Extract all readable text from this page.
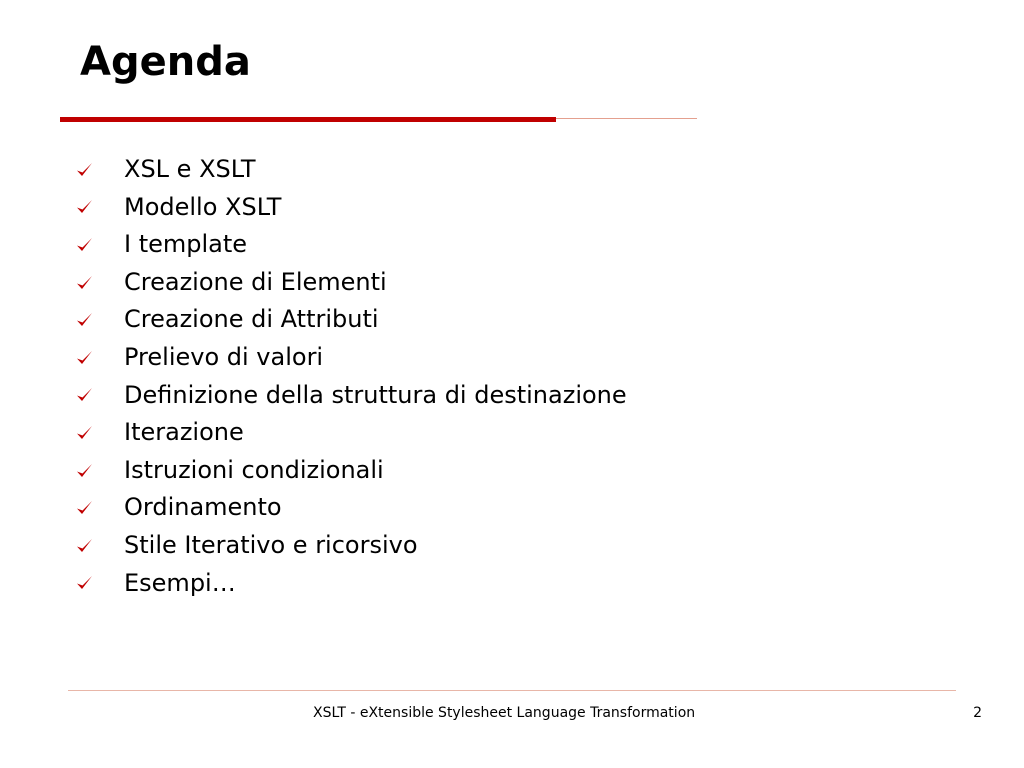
Agenda
XSL e XSLT
Modello XSLT
I template
Creazione di Elementi
Creazione di Attributi
Prelievo di valori
Definizione della struttura di destinazione
Iterazione
Istruzioni condizionali
Ordinamento
Stile Iterativo e ricorsivo
Esempi…
XSLT - eXtensible Stylesheet Language Transformation	2
